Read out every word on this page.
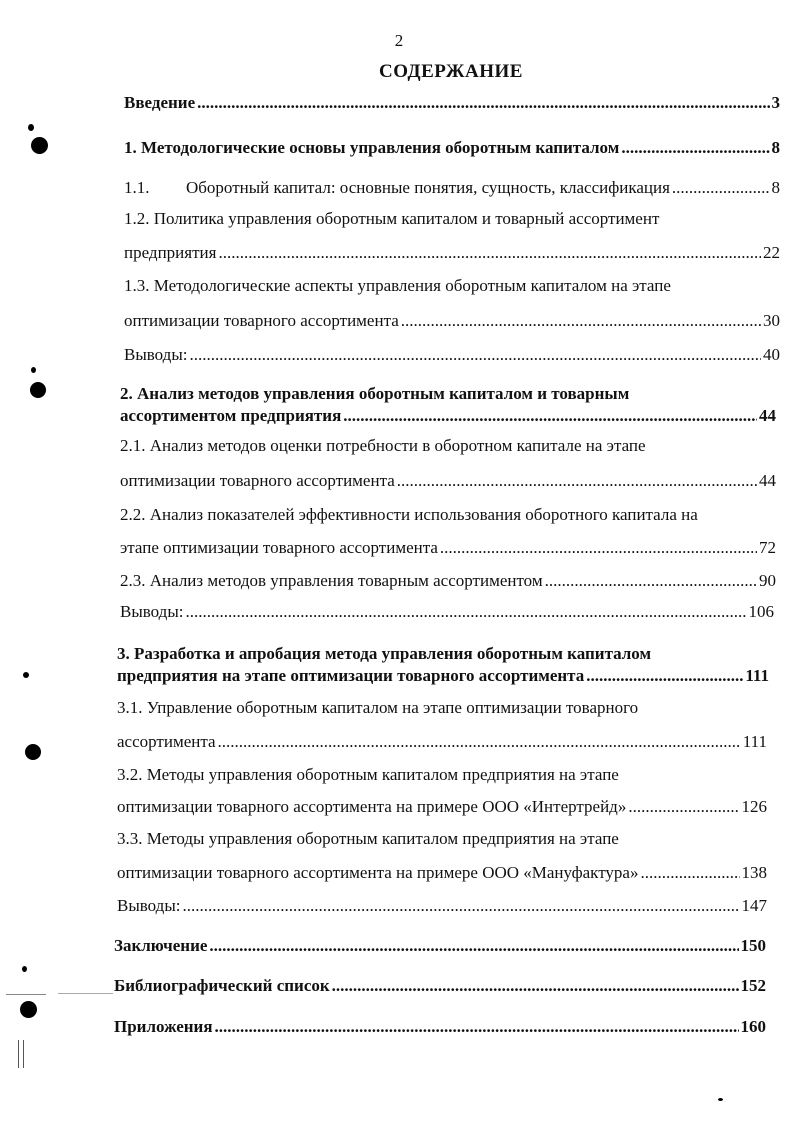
2
СОДЕРЖАНИЕ
Введение .....	3
1. Методологические основы управления оборотным капиталом .....	8
1.1. Оборотный капитал: основные понятия, сущность, классификация .....	8
1.2. Политика управления оборотным капиталом и товарный ассортимент
предприятия .....	22
1.3. Методологические аспекты управления оборотным капиталом на этапе
оптимизации товарного ассортимента .....	30
Выводы: .....	40
2. Анализ методов управления оборотным капиталом и товарным
ассортиментом предприятия .....	44
2.1. Анализ методов оценки потребности в оборотном капитале на этапе
оптимизации товарного ассортимента .....	44
2.2. Анализ показателей эффективности использования оборотного капитала на
этапе оптимизации товарного ассортимента .....	72
2.3. Анализ методов управления товарным ассортиментом .....	90
Выводы: .....	106
3. Разработка и апробация метода управления оборотным капиталом
предприятия на этапе оптимизации товарного ассортимента .....	111
3.1. Управление оборотным капиталом на этапе оптимизации товарного
ассортимента .....	111
3.2. Методы управления оборотным капиталом предприятия на этапе
оптимизации товарного ассортимента на примере ООО «Интертрейд» .....	126
3.3. Методы управления оборотным капиталом предприятия на этапе
оптимизации товарного ассортимента на примере ООО «Мануфактура» .....	138
Выводы: .....	147
Заключение .....	150
Библиографический список .....	152
Приложения .....	160
